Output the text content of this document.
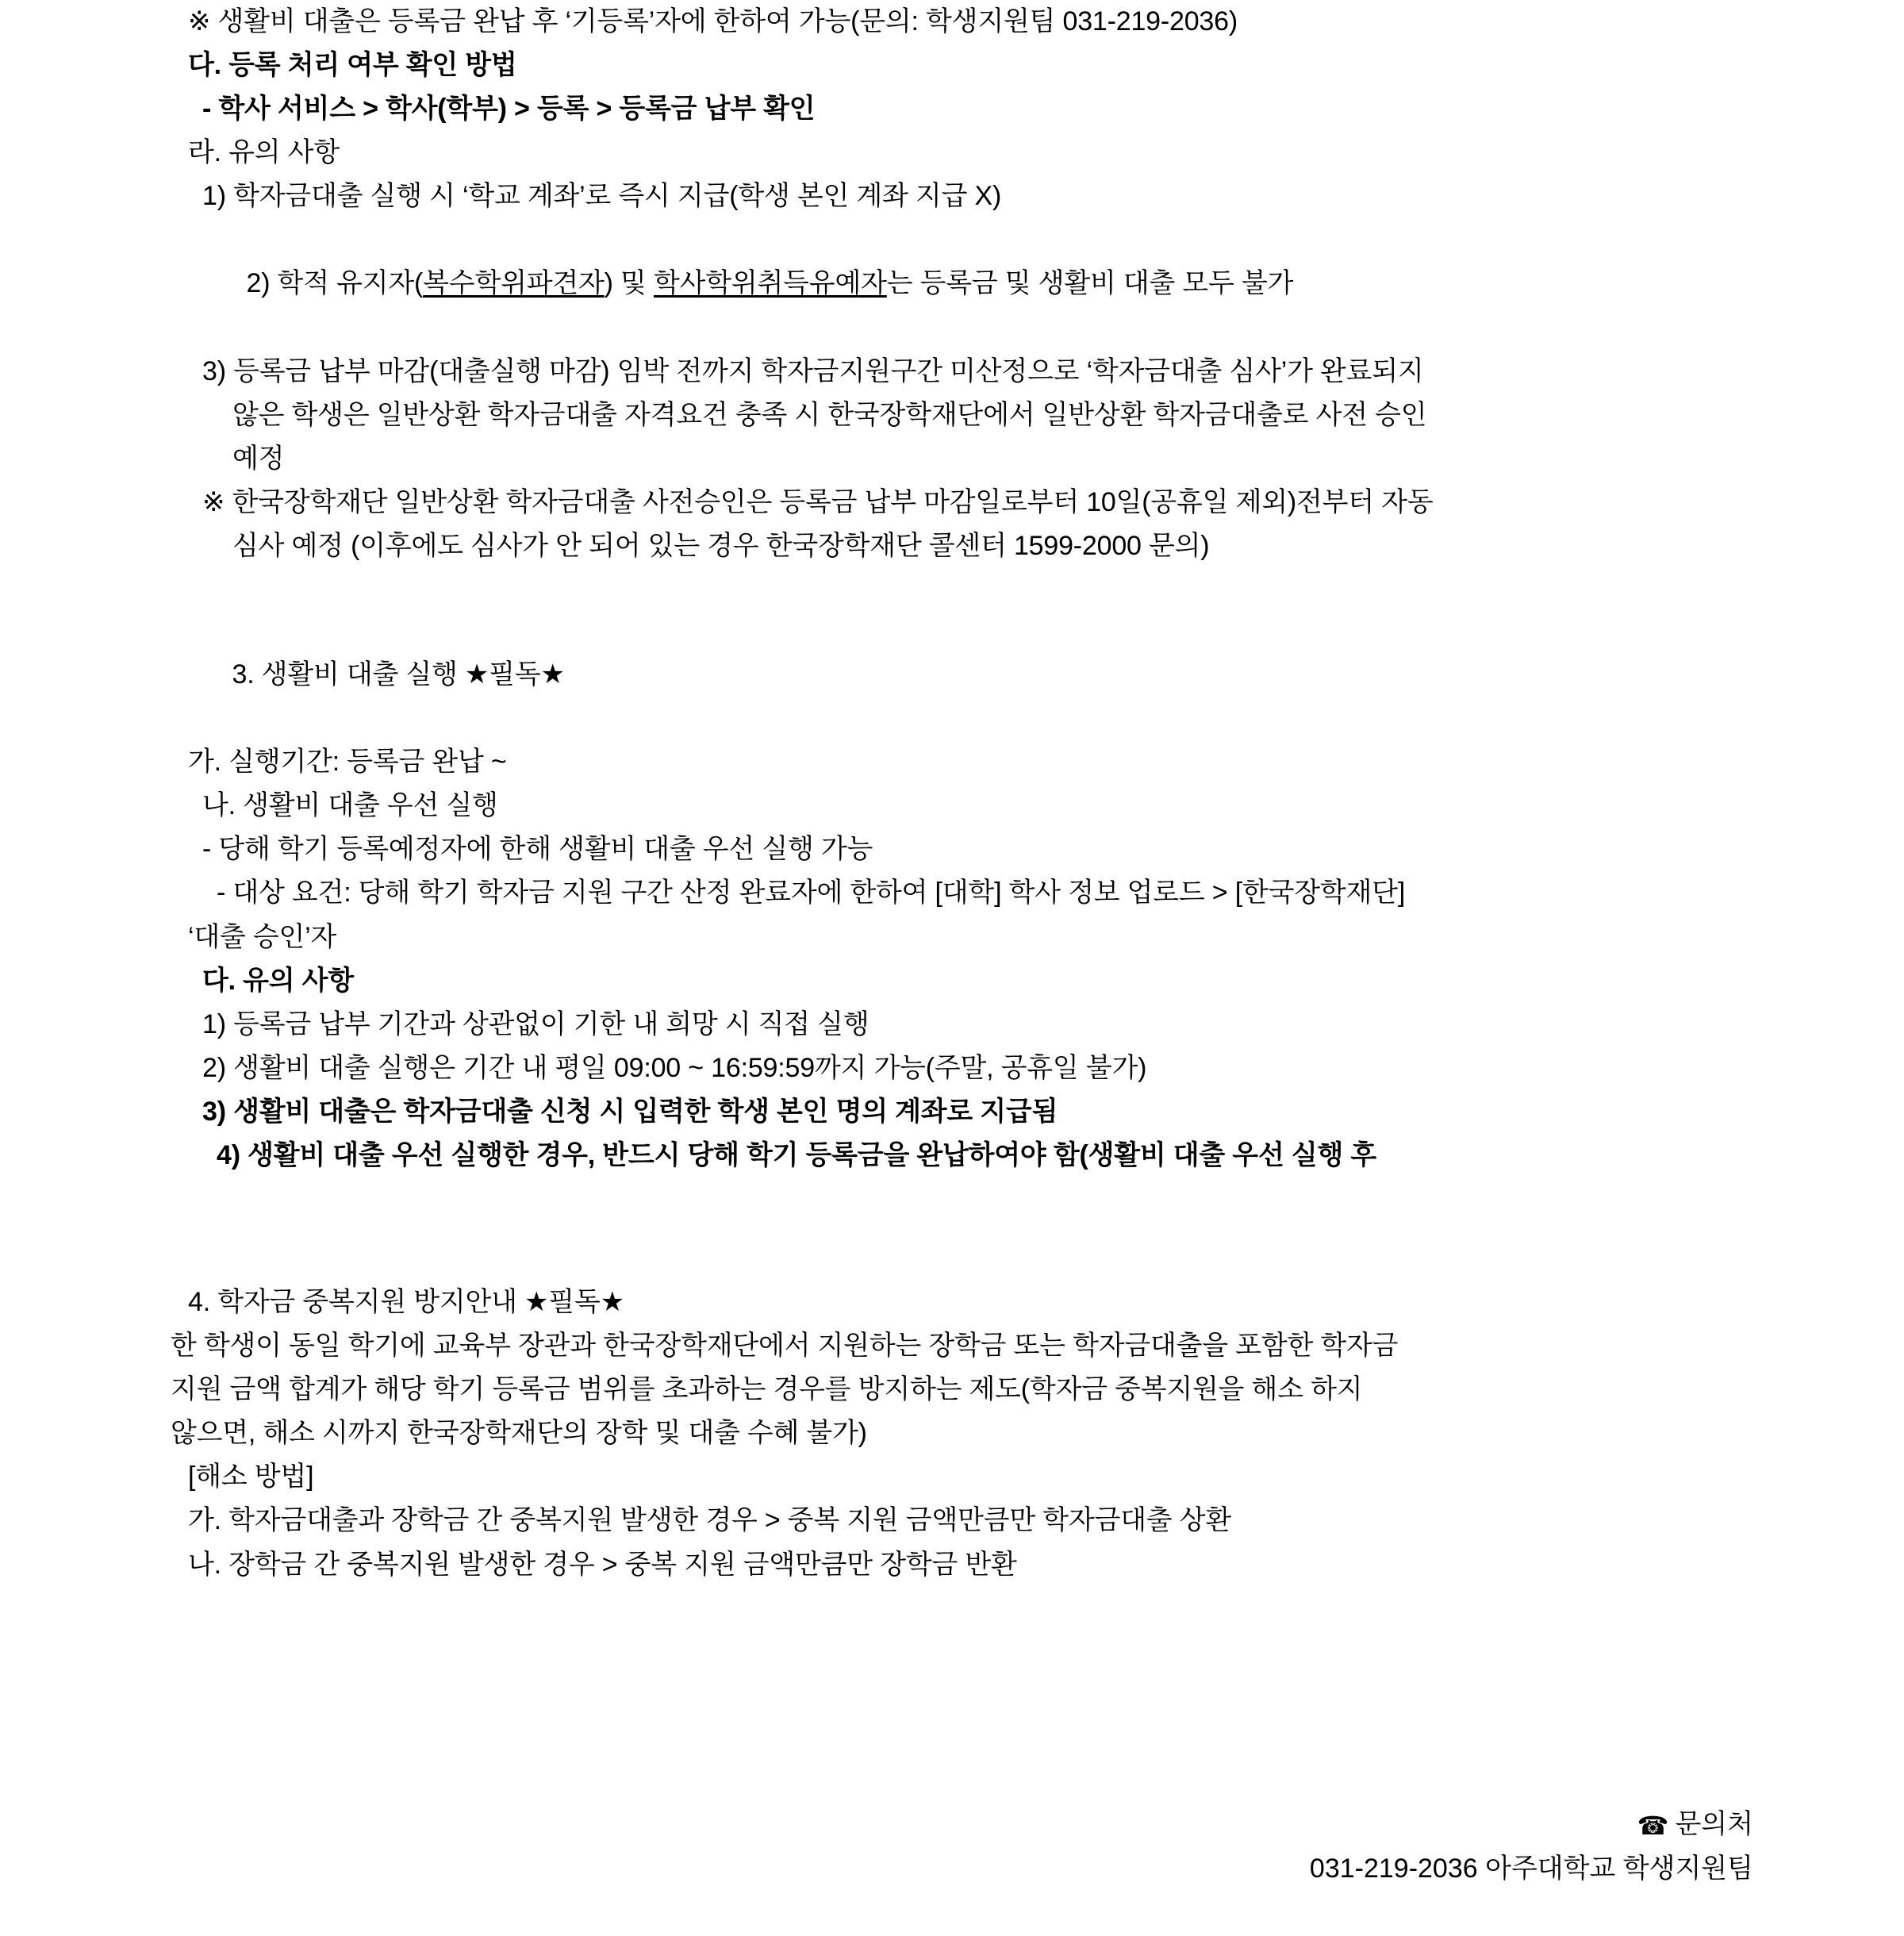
※ 생활비 대출은 등록금 완납 후 ‘기등록’자에 한하여 가능(문의: 학생지원팀 031-219-2036)
다. 등록 처리 여부 확인 방법
- 학사 서비스 > 학사(학부) > 등록 > 등록금 납부 확인
라. 유의 사항
1) 학자금대출 실행 시 ‘학교 계좌’로 즉시 지급(학생 본인 계좌 지급 X)

2) 학적 유지자(복수학위파견자) 및 학사학위취득유예자는 등록금 및 생활비 대출 모두 불가

3) 등록금 납부 마감(대출실행 마감) 임박 전까지 학자금지원구간 미산정으로 ‘학자금대출 심사’가 완료되지
않은 학생은 일반상환 학자금대출 자격요건 충족 시 한국장학재단에서 일반상환 학자금대출로 사전 승인
예정
※ 한국장학재단 일반상환 학자금대출 사전승인은 등록금 납부 마감일로부터 10일(공휴일 제외)전부터 자동
심사 예정 (이후에도 심사가 안 되어 있는 경우 한국장학재단 콜센터 1599-2000 문의)

3. 생활비 대출 실행 ★필독★

가. 실행기간: 등록금 완납 ~
나. 생활비 대출 우선 실행
- 당해 학기 등록예정자에 한해 생활비 대출 우선 실행 가능
- 대상 요건: 당해 학기 학자금 지원 구간 산정 완료자에 한하여 [대학] 학사 정보 업로드 > [한국장학재단]
‘대출 승인’자
다. 유의 사항
1) 등록금 납부 기간과 상관없이 기한 내 희망 시 직접 실행
2) 생활비 대출 실행은 기간 내 평일 09:00 ~ 16:59:59까지 가능(주말, 공휴일 불가)
3) 생활비 대출은 학자금대출 신청 시 입력한 학생 본인 명의 계좌로 지급됨
4) 생활비 대출 우선 실행한 경우, 반드시 당해 학기 등록금을 완납하여야 함(생활비 대출 우선 실행 후
4. 학자금 중복지원 방지안내 ★필독★
한 학생이 동일 학기에 교육부 장관과 한국장학재단에서 지원하는 장학금 또는 학자금대출을 포함한 학자금
지원 금액 합계가 해당 학기 등록금 범위를 초과하는 경우를 방지하는 제도(학자금 중복지원을 해소 하지
않으면, 해소 시까지 한국장학재단의 장학 및 대출 수혜 불가)
[해소 방법]
가. 학자금대출과 장학금 간 중복지원 발생한 경우 > 중복 지원 금액만큼만 학자금대출 상환
나. 장학금 간 중복지원 발생한 경우 > 중복 지원 금액만큼만 장학금 반환
☎ 문의처
031-219-2036 아주대학교 학생지원팀
